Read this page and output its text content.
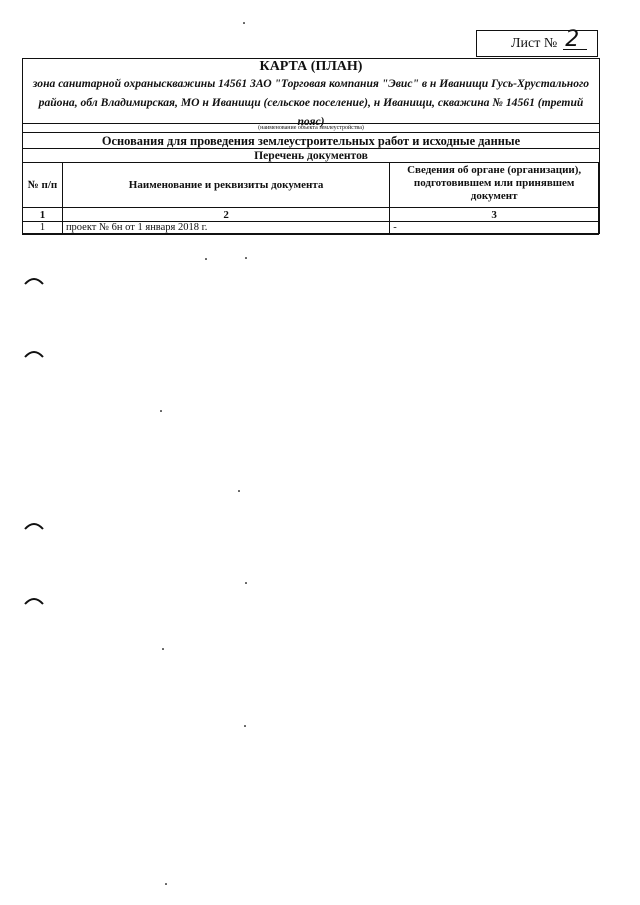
Лист № 2
КАРТА (ПЛАН)
зона санитарной охраныскважины 14561 ЗАО "Торговая компания "Эвис" в н Иванищи Гусь-Хрустального района, обл Владимирская, МО н Иванищи (сельское поселение), н Иванищи, скважина № 14561 (третий пояс)
(наименование объекта землеустройства)
Основания для проведения землеустроительных работ и исходные данные
Перечень документов
№ п/п	Наименование и реквизиты документа	Сведения об органе (организации), подготовившем или принявшем документ

1	2	3
1	проект № 6н от 1 января 2018 г.	-
